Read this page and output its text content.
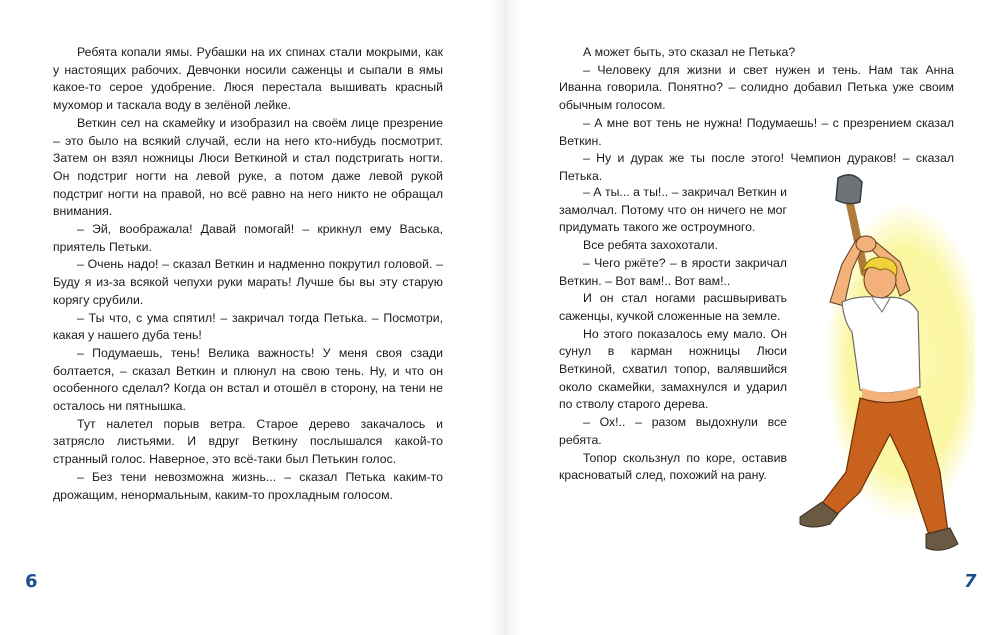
Ребята копали ямы. Рубашки на их спинах стали мокрыми, как у настоящих рабочих. Девчонки носили саженцы и сыпали в ямы какое-то серое удобрение. Люся перестала вышивать красный мухомор и таскала воду в зелёной лейке.

Веткин сел на скамейку и изобразил на своём лице презрение – это было на всякий случай, если на него кто-нибудь посмотрит. Затем он взял ножницы Люси Веткиной и стал подстригать ногти. Он подстриг ногти на левой руке, а потом даже левой рукой подстриг ногти на правой, но всё равно на него никто не обращал внимания.

– Эй, воображала! Давай помогай! – крикнул ему Васька, приятель Петьки.

– Очень надо! – сказал Веткин и надменно покрутил головой. – Буду я из-за всякой чепухи руки марать! Лучше бы вы эту старую корягу срубили.

– Ты что, с ума спятил! – закричал тогда Петька. – Посмотри, какая у нашего дуба тень!

– Подумаешь, тень! Велика важность! У меня своя сзади болтается, – сказал Веткин и плюнул на свою тень. Ну, и что он особенного сделал? Когда он встал и отошёл в сторону, на тени не осталось ни пятнышка.

Тут налетел порыв ветра. Старое дерево закачалось и затрясло листьями. И вдруг Веткину послышался какой-то странный голос. Наверное, это всё-таки был Петькин голос.

– Без тени невозможна жизнь... – сказал Петька каким-то дрожащим, ненормальным, каким-то прохладным голосом.

6

А может быть, это сказал не Петька?

– Человеку для жизни и свет нужен и тень. Нам так Анна Иванна говорила. Понятно? – солидно добавил Петька уже своим обычным голосом.

– А мне вот тень не нужна! Подумаешь! – с презрением сказал Веткин.

– Ну и дурак же ты после этого! Чемпион дураков! – сказал Петька.

– А ты... а ты!.. – закричал Веткин и замолчал. Потому что он ничего не мог придумать такого же остроумного.

Все ребята захохотали.

– Чего ржёте? – в ярости закричал Веткин. – Вот вам!.. Вот вам!..

И он стал ногами расшвыривать саженцы, кучкой сложенные на земле.

Но этого показалось ему мало. Он сунул в карман ножницы Люси Веткиной, схватил топор, валявшийся около скамейки, замахнулся и ударил по стволу старого дерева.

– Ох!.. – разом выдохнули все ребята.

Топор скользнул по коре, оставив красноватый след, похожий на рану.

7
